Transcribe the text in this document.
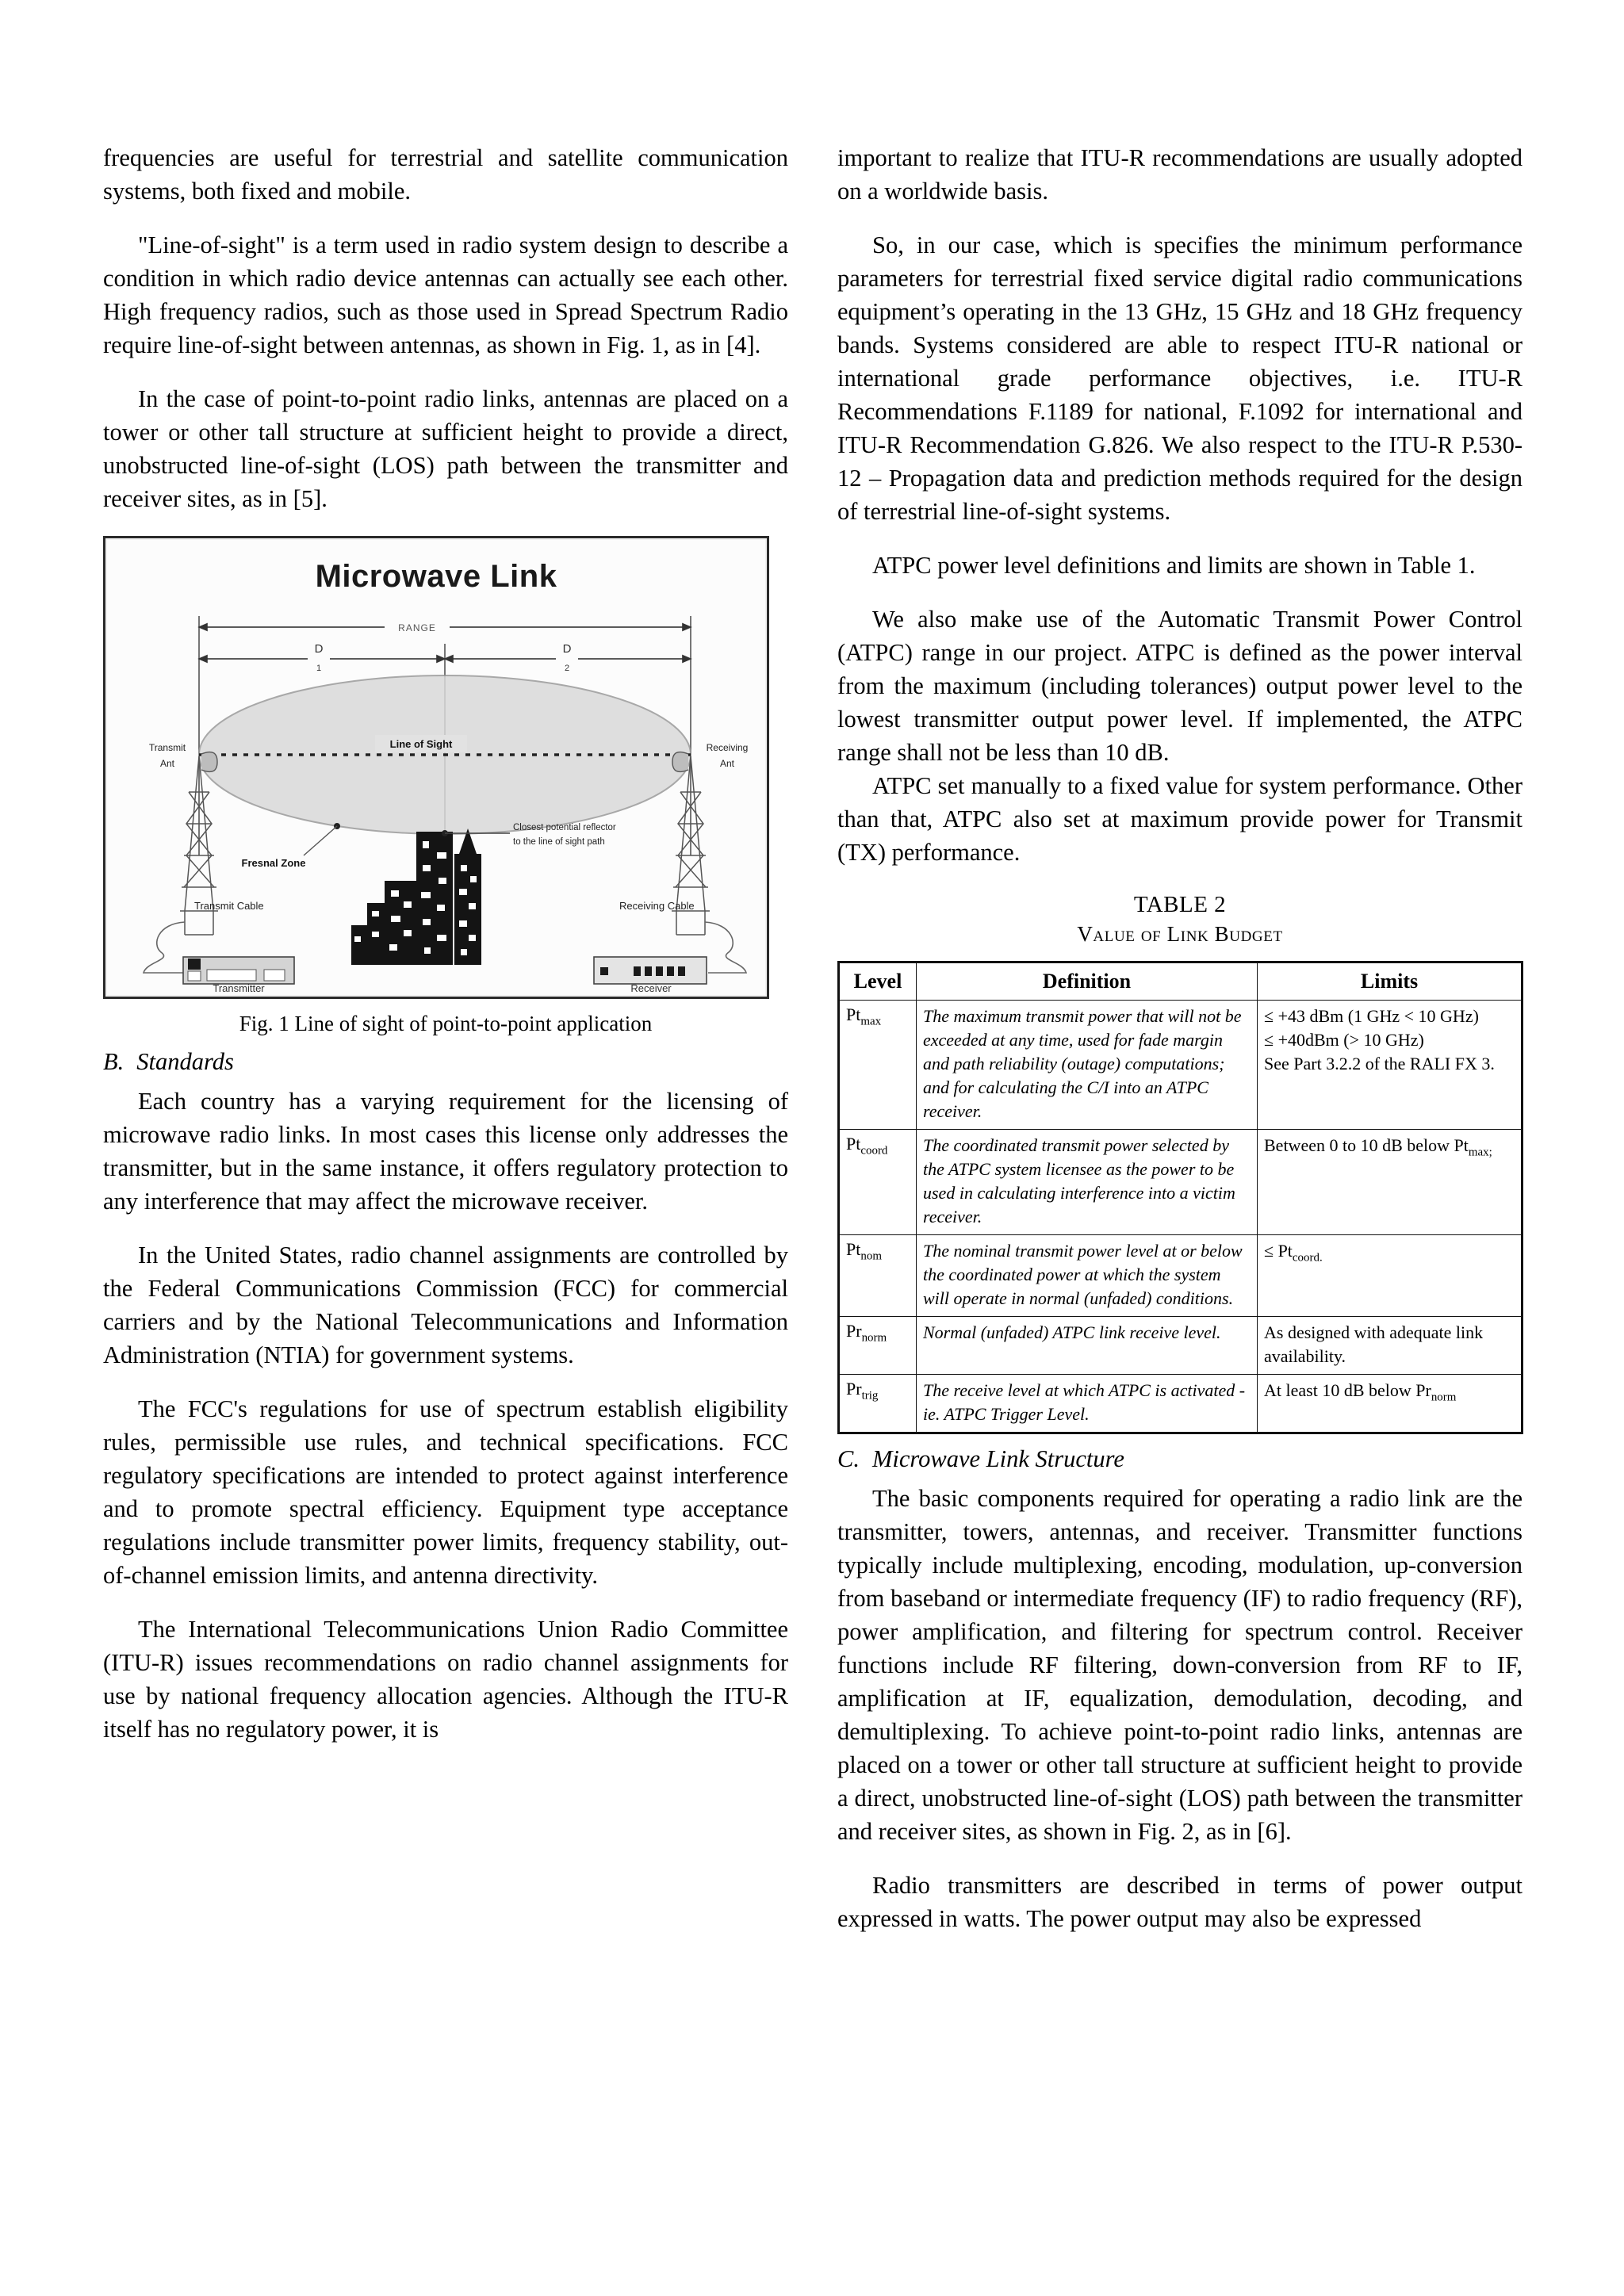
frequencies are useful for terrestrial and satellite communication systems, both fixed and mobile.

"Line-of-sight" is a term used in radio system design to describe a condition in which radio device antennas can actually see each other. High frequency radios, such as those used in Spread Spectrum Radio require line-of-sight between antennas, as shown in Fig. 1, as in [4].

In the case of point-to-point radio links, antennas are placed on a tower or other tall structure at sufficient height to provide a direct, unobstructed line-of-sight (LOS) path between the transmitter and receiver sites, as in [5].

Microwave Link
RANGE
D
1
D
2
Line of Sight
Transmit
Ant
Receiving
Ant
Fresnal Zone
Closest potential reflector
to the line of sight path
Transmit Cable	Receiving Cable
Transmitter	Receiver
Fig. 1 Line of sight of point-to-point application
B. Standards

Each country has a varying requirement for the licensing of microwave radio links. In most cases this license only addresses the transmitter, but in the same instance, it offers regulatory protection to any interference that may affect the microwave receiver.

In the United States, radio channel assignments are controlled by the Federal Communications Commission (FCC) for commercial carriers and by the National Telecommunications and Information Administration (NTIA) for government systems.

The FCC's regulations for use of spectrum establish eligibility rules, permissible use rules, and technical specifications. FCC regulatory specifications are intended to protect against interference and to promote spectral efficiency. Equipment type acceptance regulations include transmitter power limits, frequency stability, out-of-channel emission limits, and antenna directivity.

The International Telecommunications Union Radio Committee (ITU-R) issues recommendations on radio channel assignments for use by national frequency allocation agencies. Although the ITU-R itself has no regulatory power, it is

important to realize that ITU-R recommendations are usually adopted on a worldwide basis.

So, in our case, which is specifies the minimum performance parameters for terrestrial fixed service digital radio communications equipment’s operating in the 13 GHz, 15 GHz and 18 GHz frequency bands. Systems considered are able to respect ITU-R national or international grade performance objectives, i.e. ITU-R Recommendations F.1189 for national, F.1092 for international and ITU-R Recommendation G.826. We also respect to the ITU-R P.530-12 – Propagation data and prediction methods required for the design of terrestrial line-of-sight systems.

ATPC power level definitions and limits are shown in Table 1.

We also make use of the Automatic Transmit Power Control (ATPC) range in our project. ATPC is defined as the power interval from the maximum (including tolerances) output power level to the lowest transmitter output power level. If implemented, the ATPC range shall not be less than 10 dB.

ATPC set manually to a fixed value for system performance. Other than that, ATPC also set at maximum provide power for Transmit (TX) performance.

TABLE 2
Value of Link Budget
Level	Definition	Limits
$Pt_{max}$	The maximum transmit power that will not be exceeded at any time, used for fade margin and path reliability (outage) computations; and for calculating the C/I into an ATPC receiver.	≤ +43 dBm (1 GHz < 10 GHz)
≤ +40dBm (> 10 GHz)
See Part 3.2.2 of the RALI FX 3.

$Pt_{coord}$	The coordinated transmit power selected by the ATPC system licensee as the power to be used in calculating interference into a victim receiver.	Between 0 to 10 dB below $Pt_{max;}$
$Pt_{nom}$	The nominal transmit power level at or below the coordinated power at which the system will operate in normal (unfaded) conditions.	≤ $Pt_{coord.}$
$Pr_{norm}$	Normal (unfaded) ATPC link receive level.	As designed with adequate link availability.
$Pr_{trig}$	The receive level at which ATPC is activated - ie. ATPC Trigger Level.	At least 10 dB below $Pr_{norm}$
C. Microwave Link Structure

The basic components required for operating a radio link are the transmitter, towers, antennas, and receiver. Transmitter functions typically include multiplexing, encoding, modulation, up-conversion from baseband or intermediate frequency (IF) to radio frequency (RF), power amplification, and filtering for spectrum control. Receiver functions include RF filtering, down-conversion from RF to IF, amplification at IF, equalization, demodulation, decoding, and demultiplexing. To achieve point-to-point radio links, antennas are placed on a tower or other tall structure at sufficient height to provide a direct, unobstructed line-of-sight (LOS) path between the transmitter and receiver sites, as shown in Fig. 2, as in [6].

Radio transmitters are described in terms of power output expressed in watts. The power output may also be expressed
